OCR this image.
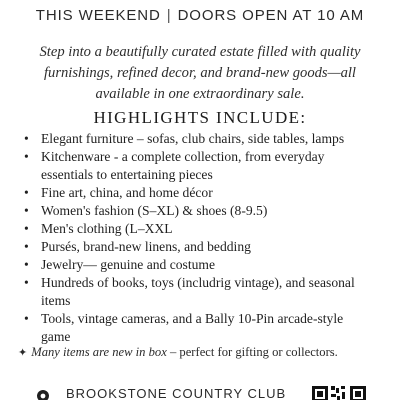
THIS WEEKEND | DOORS OPEN AT 10 AM
Step into a beautifully curated estate filled with quality furnishings, refined decor, and brand-new goods—all available in one extraordinary sale.
HIGHLIGHTS INCLUDE:
• Elegant furniture – sofas, club chairs, side tables, lamps
• Kitchenware - a complete collection, from everyday essentials to entertaining pieces
• Fine art, china, and home décor
• Women's fashion (S–XL) & shoes (8-9.5)
• Men's clothing (L–XXL
• Pursés, brand-new linens, and bedding
• Jewelry— genuine and costume
• Hundreds of books, toys (includrig vintage), and seasonal items
• Tools, vintage cameras, and a Bally 10-Pin arcade-style game
✦ Many items are new in box – perfect for gifting or collectors.
BROOKSTONE COUNTRY CLUB
